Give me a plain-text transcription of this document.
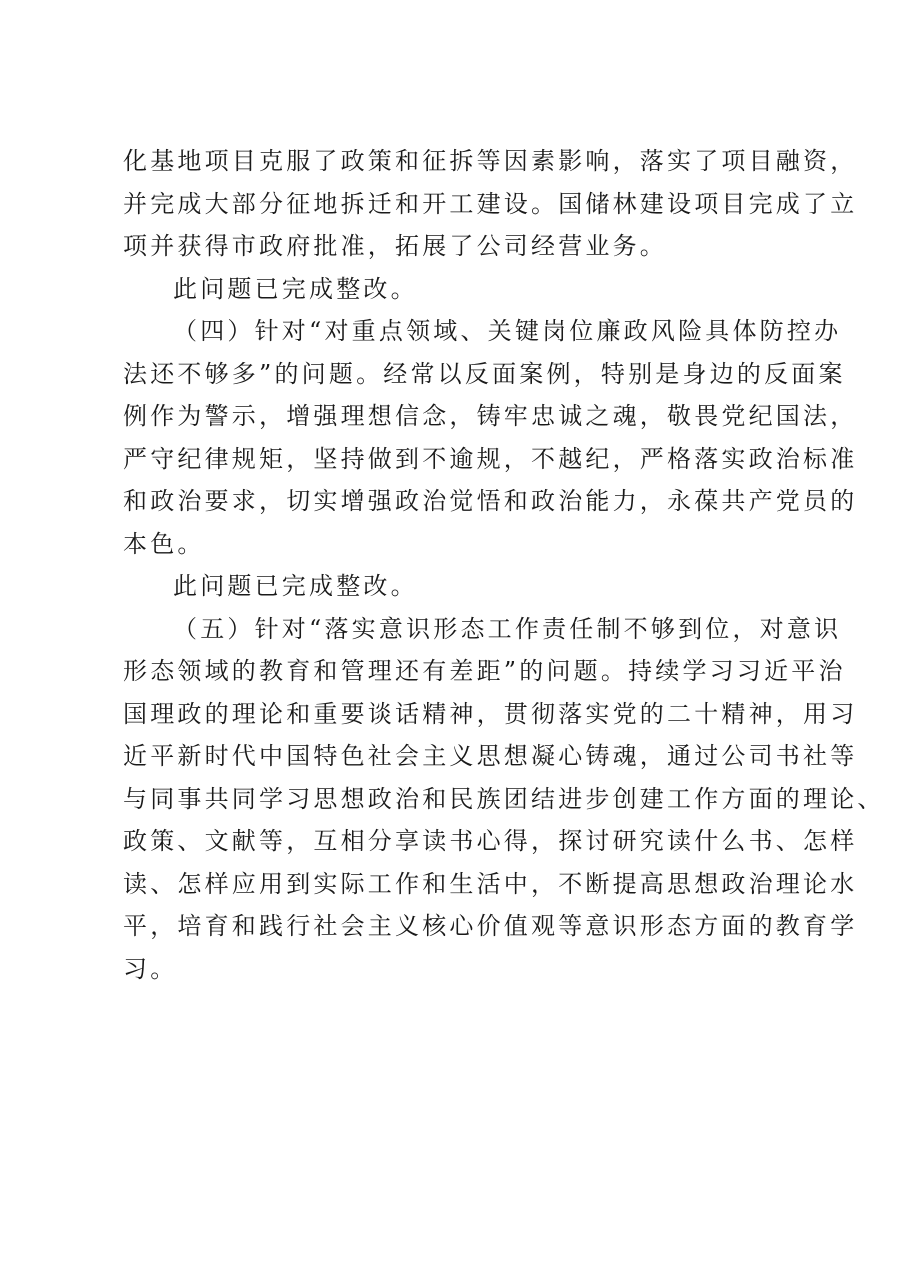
化基地项目克服了政策和征拆等因素影响，落实了项目融资，
并完成大部分征地拆迁和开工建设。国储林建设项目完成了立
项并获得市政府批准，拓展了公司经营业务。
此问题已完成整改。
（四）针对“对重点领域、关键岗位廉政风险具体防控办
法还不够多”的问题。经常以反面案例，特别是身边的反面案
例作为警示，增强理想信念，铸牢忠诚之魂，敬畏党纪国法，
严守纪律规矩，坚持做到不逾规，不越纪，严格落实政治标准
和政治要求，切实增强政治觉悟和政治能力，永葆共产党员的
本色。
此问题已完成整改。
（五）针对“落实意识形态工作责任制不够到位，对意识
形态领域的教育和管理还有差距”的问题。持续学习习近平治
国理政的理论和重要谈话精神，贯彻落实党的二十精神，用习
近平新时代中国特色社会主义思想凝心铸魂，通过公司书社等
与同事共同学习思想政治和民族团结进步创建工作方面的理论、
政策、文献等，互相分享读书心得，探讨研究读什么书、怎样
读、怎样应用到实际工作和生活中，不断提高思想政治理论水
平，培育和践行社会主义核心价值观等意识形态方面的教育学
习。
